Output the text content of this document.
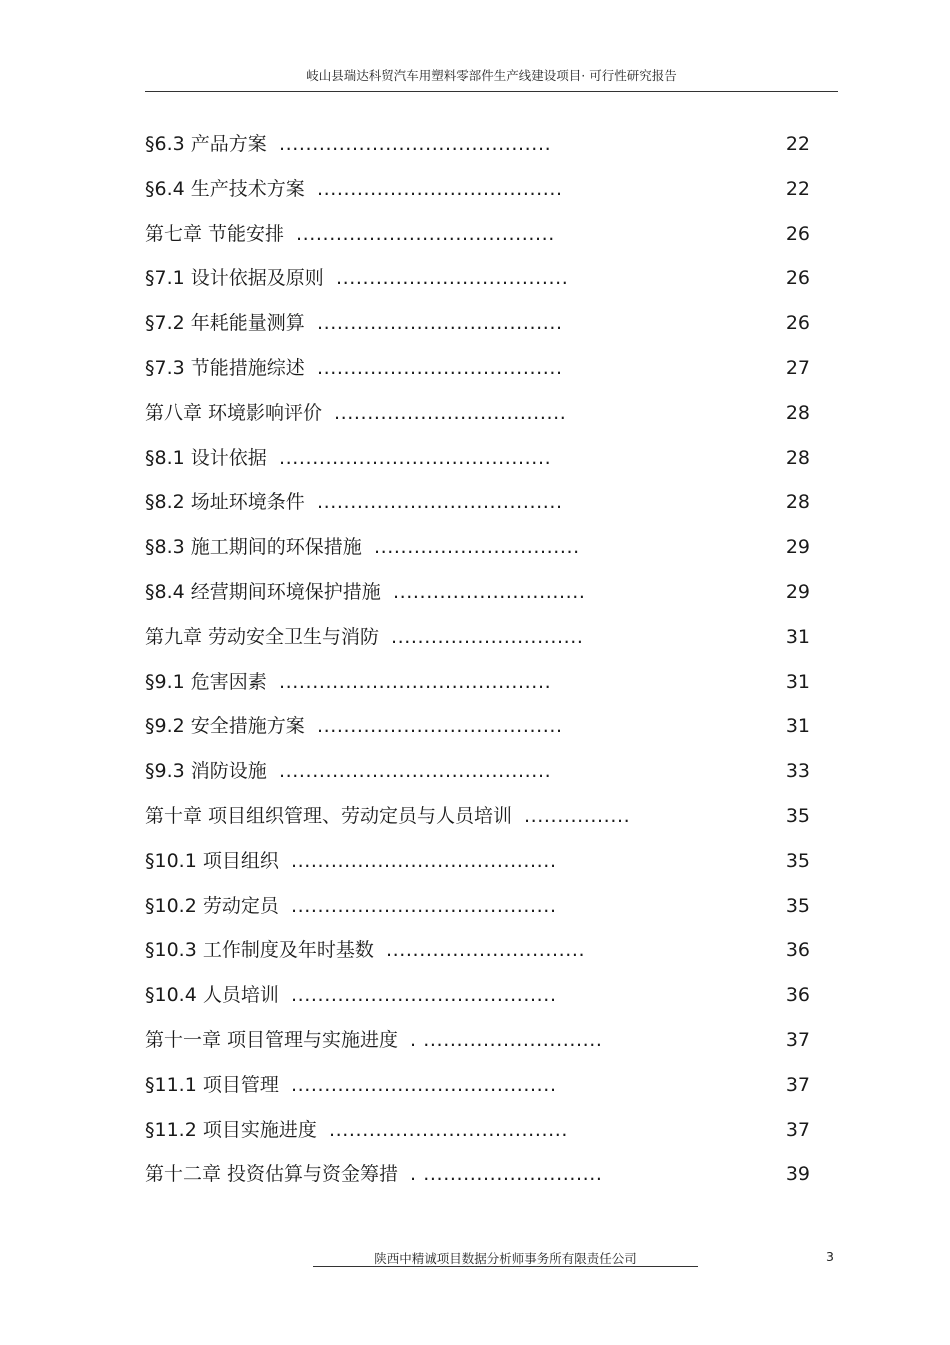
岐山县瑞达科贸汽车用塑料零部件生产线建设项目· 可行性研究报告
§6.3 产品方案 .........................................	22
§6.4 生产技术方案 .....................................	22
第七章 节能安排 .......................................	26
§7.1 设计依据及原则 ...................................	26
§7.2 年耗能量测算 .....................................	26
§7.3 节能措施综述 .....................................	27
第八章 环境影响评价 ...................................	28
§8.1 设计依据 .........................................	28
§8.2 场址环境条件 .....................................	28
§8.3 施工期间的环保措施 ...............................	29
§8.4 经营期间环境保护措施 .............................	29
第九章 劳动安全卫生与消防 .............................	31
§9.1 危害因素 .........................................	31
§9.2 安全措施方案 .....................................	31
§9.3 消防设施 .........................................	33
第十章 项目组织管理、劳动定员与人员培训 ................	35
§10.1 项目组织 ........................................	35
§10.2 劳动定员 ........................................	35
§10.3 工作制度及年时基数 ..............................	36
§10.4 人员培训 ........................................	36
第十一章 项目管理与实施进度 . ...........................	37
§11.1 项目管理 ........................................	37
§11.2 项目实施进度 ....................................	37
第十二章 投资估算与资金筹措 . ...........................	39
陕西中精诚项目数据分析师事务所有限责任公司	3
